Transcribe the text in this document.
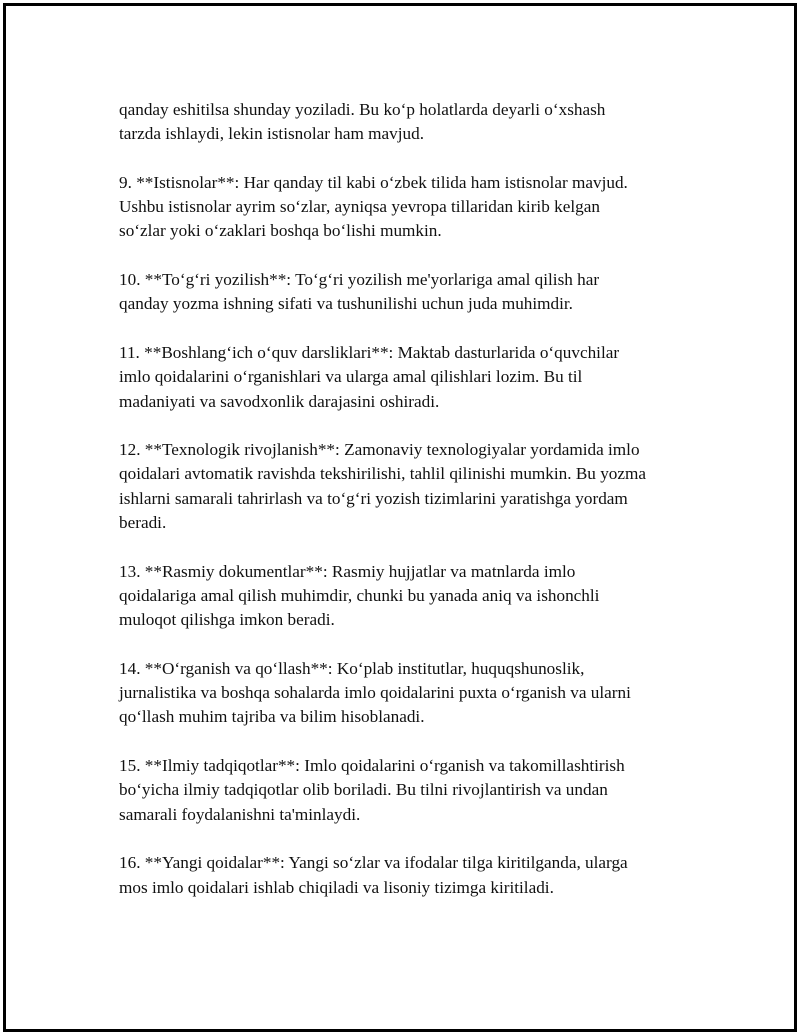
qanday eshitilsa shunday yoziladi. Bu ko‘p holatlarda deyarli o‘xshash
tarzda ishlaydi, lekin istisnolar ham mavjud.

9. **Istisnolar**: Har qanday til kabi o‘zbek tilida ham istisnolar mavjud.
Ushbu istisnolar ayrim so‘zlar, ayniqsa yevropa tillaridan kirib kelgan
so‘zlar yoki o‘zaklari boshqa bo‘lishi mumkin.

10. **To‘g‘ri yozilish**: To‘g‘ri yozilish me'yorlariga amal qilish har
qanday yozma ishning sifati va tushunilishi uchun juda muhimdir.

11. **Boshlang‘ich o‘quv darsliklari**: Maktab dasturlarida o‘quvchilar
imlo qoidalarini o‘rganishlari va ularga amal qilishlari lozim. Bu til
madaniyati va savodxonlik darajasini oshiradi.

12. **Texnologik rivojlanish**: Zamonaviy texnologiyalar yordamida imlo
qoidalari avtomatik ravishda tekshirilishi, tahlil qilinishi mumkin. Bu yozma
ishlarni samarali tahrirlash va to‘g‘ri yozish tizimlarini yaratishga yordam
beradi.

13. **Rasmiy dokumentlar**: Rasmiy hujjatlar va matnlarda imlo
qoidalariga amal qilish muhimdir, chunki bu yanada aniq va ishonchli
muloqot qilishga imkon beradi.

14. **O‘rganish va qo‘llash**: Ko‘plab institutlar, huquqshunoslik,
jurnalistika va boshqa sohalarda imlo qoidalarini puxta o‘rganish va ularni
qo‘llash muhim tajriba va bilim hisoblanadi.

15. **Ilmiy tadqiqotlar**: Imlo qoidalarini o‘rganish va takomillashtirish
bo‘yicha ilmiy tadqiqotlar olib boriladi. Bu tilni rivojlantirish va undan
samarali foydalanishni ta'minlaydi.

16. **Yangi qoidalar**: Yangi so‘zlar va ifodalar tilga kiritilganda, ularga
mos imlo qoidalari ishlab chiqiladi va lisoniy tizimga kiritiladi.
